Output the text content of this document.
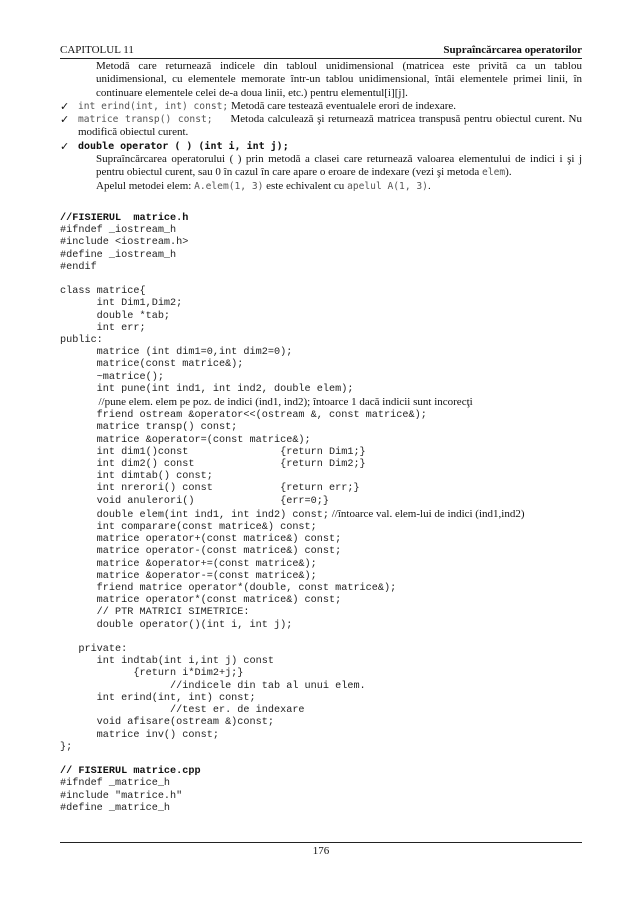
CAPITOLUL 11	Supraîncărcarea operatorilor
Metodă care returnează indicele din tabloul unidimensional (matricea este privită ca un tablou unidimensional, cu elementele memorate într-un tablou unidimensional, întâi elementele primei linii, în continuare elementele celei de-a doua linii, etc.) pentru elementul[i][j].
✓ int erind(int, int) const; Metodă care testează eventualele erori de indexare.
✓ matrice transp() const; Metoda calculează şi returnează matricea transpusă pentru obiectul curent. Nu modifică obiectul curent.
✓ double operator ( ) (int i, int j);
Supraîncărcarea operatorului ( ) prin metodă a clasei care returnează valoarea elementului de indici i şi j pentru obiectul curent, sau 0 în cazul în care apare o eroare de indexare (vezi şi metoda elem).
Apelul metodei elem: A.elem(1, 3) este echivalent cu apelul A(1, 3).
//FISIERUL  matrice.h
#ifndef _iostream_h
#include <iostream.h>
#define _iostream_h
#endif

class matrice{
int Dim1,Dim2;
double *tab;
int err;
public:
matrice (int dim1=0,int dim2=0);
matrice(const matrice&);
~matrice();
int pune(int ind1, int ind2, double elem);
//pune elem. elem pe poz. de indici (ind1, ind2); întoarce 1 dacă indicii sunt incorecţi
friend ostream &operator<<(ostream &, const matrice&);
matrice transp() const;
matrice &operator=(const matrice&);
int dim1()const               {return Dim1;}
int dim2() const              {return Dim2;}
int dimtab() const;
int nrerori() const           {return err;}
void anulerori()              {err=0;}
double elem(int ind1, int ind2) const; //întoarce val. elem-lui de indici (ind1,ind2)
int comparare(const matrice&) const;
matrice operator+(const matrice&) const;
matrice operator-(const matrice&) const;
matrice &operator+=(const matrice&);
matrice &operator-=(const matrice&);
friend matrice operator*(double, const matrice&);
matrice operator*(const matrice&) const;
// PTR MATRICI SIMETRICE:
double operator()(int i, int j);

private:
int indtab(int i,int j) const
{return i*Dim2+j;}
//indicele din tab al unui elem.
int erind(int, int) const;
//test er. de indexare
void afisare(ostream &)const;
matrice inv() const;
};

// FISIERUL matrice.cpp
#ifndef _matrice_h
#include "matrice.h"
#define _matrice_h
176
